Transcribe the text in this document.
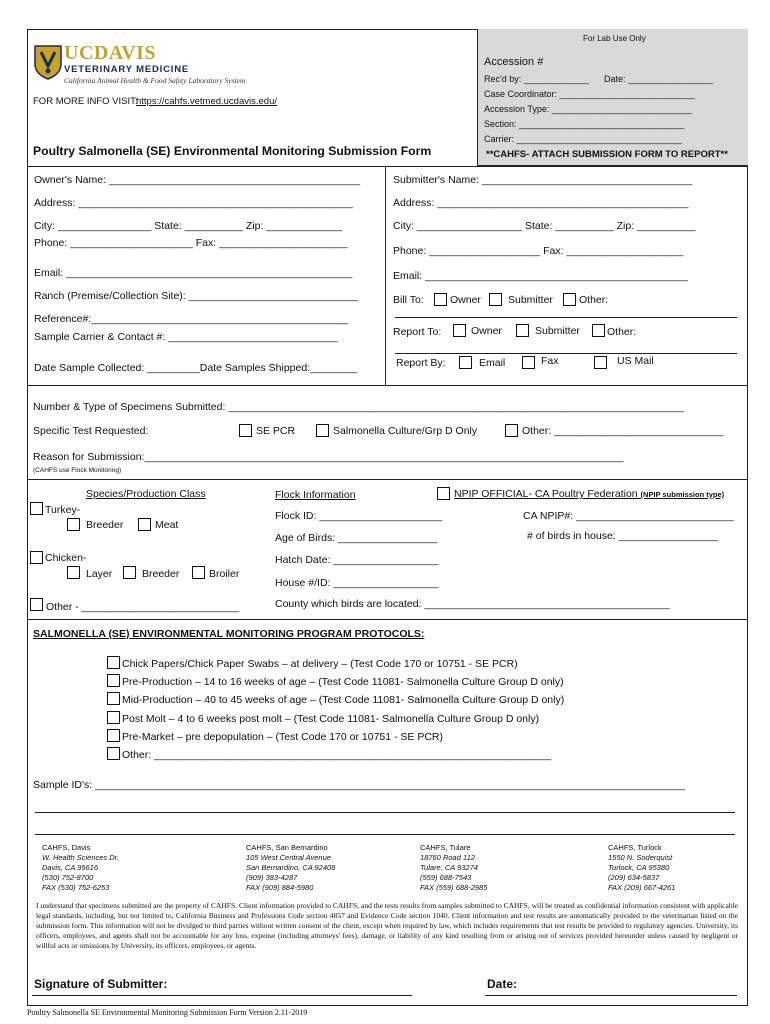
UCDAVIS
VETERINARY MEDICINE
California Animal Health & Food Safety Laboratory System
FOR MORE INFO VISIT:
https://cahfs.vetmed.ucdavis.edu/
Poultry Salmonella (SE) Environmental Monitoring Submission Form
For Lab Use Only
Accession #
Rec'd by: _____________ Date: _________________
Case Coordinator: ___________________________
Accession Type: ____________________________
Section: _________________________________
Carrier: _________________________________
**CAHFS- ATTACH SUBMISSION FORM TO REPORT**
Owner's Name: ___________________________________________
Address: _______________________________________________
City: ________________ State: __________ Zip: _____________
Phone: _____________________ Fax: ______________________
Email: _________________________________________________
Ranch (Premise/Collection Site): _____________________________
Reference#:____________________________________________
Sample Carrier & Contact #: _____________________________
Date Sample Collected: _________Date Samples Shipped:________
Submitter's Name: ____________________________________
Address: ___________________________________________
City: __________________ State: __________ Zip: __________
Phone: ___________________ Fax: ____________________
Email: _____________________________________________
Bill To:	Owner	Submitter Other:
Report To:	Owner	Submitter	Other:
Report By:	Email	Fax	US Mail
Number & Type of Specimens Submitted: ______________________________________________________________________________
Specific Test Requested:	SE PCR	Salmonella Culture/Grp D Only	Other: _____________________________
Reason for Submission:__________________________________________________________________________________
(CAHFS use Flock Monitoring)
Species/Production Class
Turkey-
Breeder	Meat
Chicken-
Layer	Breeder	Broiler
Other - ___________________________
Flock Information
Flock ID: _____________________
Age of Birds: _________________
Hatch Date: __________________
House #/ID: __________________
County which birds are located: __________________________________________
NPIP OFFICIAL- CA Poultry Federation (NPIP submission type)
CA NPIP#: ___________________________
# of birds in house: _________________
SALMONELLA (SE) ENVIRONMENTAL MONITORING PROGRAM PROTOCOLS:
Chick Papers/Chick Paper Swabs – at delivery – (Test Code 170 or 10751 - SE PCR)
Pre-Production – 14 to 16 weeks of age – (Test Code 11081- Salmonella Culture Group D only)
Mid-Production – 40 to 45 weeks of age – (Test Code 11081- Salmonella Culture Group D only)
Post Molt – 4 to 6 weeks post molt – (Test Code 11081- Salmonella Culture Group D only)
Pre-Market – pre depopulation – (Test Code 170 or 10751 - SE PCR)
Other: ____________________________________________________________________
Sample ID's: _____________________________________________________________________________________________________
CAHFS, Davis
W. Health Sciences Dr.
Davis, CA 95616
(530) 752-8700
FAX (530) 752-6253
CAHFS, San Bernardino
105 West Central Avenue
San Bernardino, CA 92408
(909) 383-4287
FAX (909) 884-5980
CAHFS, Tulare
18760 Road 112
Tulare, CA 93274
(559) 688-7543
FAX (559) 688-2985
CAHFS, Turlock
1550 N. Soderquist
Turlock, CA 95380
(209) 634-5837
FAX (209) 667-4261
I understand that specimens submitted are the property of CAHFS. Client information provided to CAHFS, and the tests results from samples submitted to CAHFS, will be treated as confidential information consistent with applicable legal standards, including, but not limited to, California Business and Professions Code section 4857 and Evidence Code section 1040. Client information and test results are automatically provided to the veterinarian listed on the submission form. This information will not be divulged to third parties without written consent of the client, except when required by law, which includes requirements that test results be provided to regulatory agencies. University, its officers, employees, and agents shall not be accountable for any loss, expense (including attorneys' fees), damage, or liability of any kind resulting from or arising out of services provided hereunder unless caused by negligent or willful acts or omissions by University, its officers, employees, or agents.
Signature of Submitter:	Date:
Poultry Salmonella SE Environmental Monitoring Submission Form Version 2.11-2019
